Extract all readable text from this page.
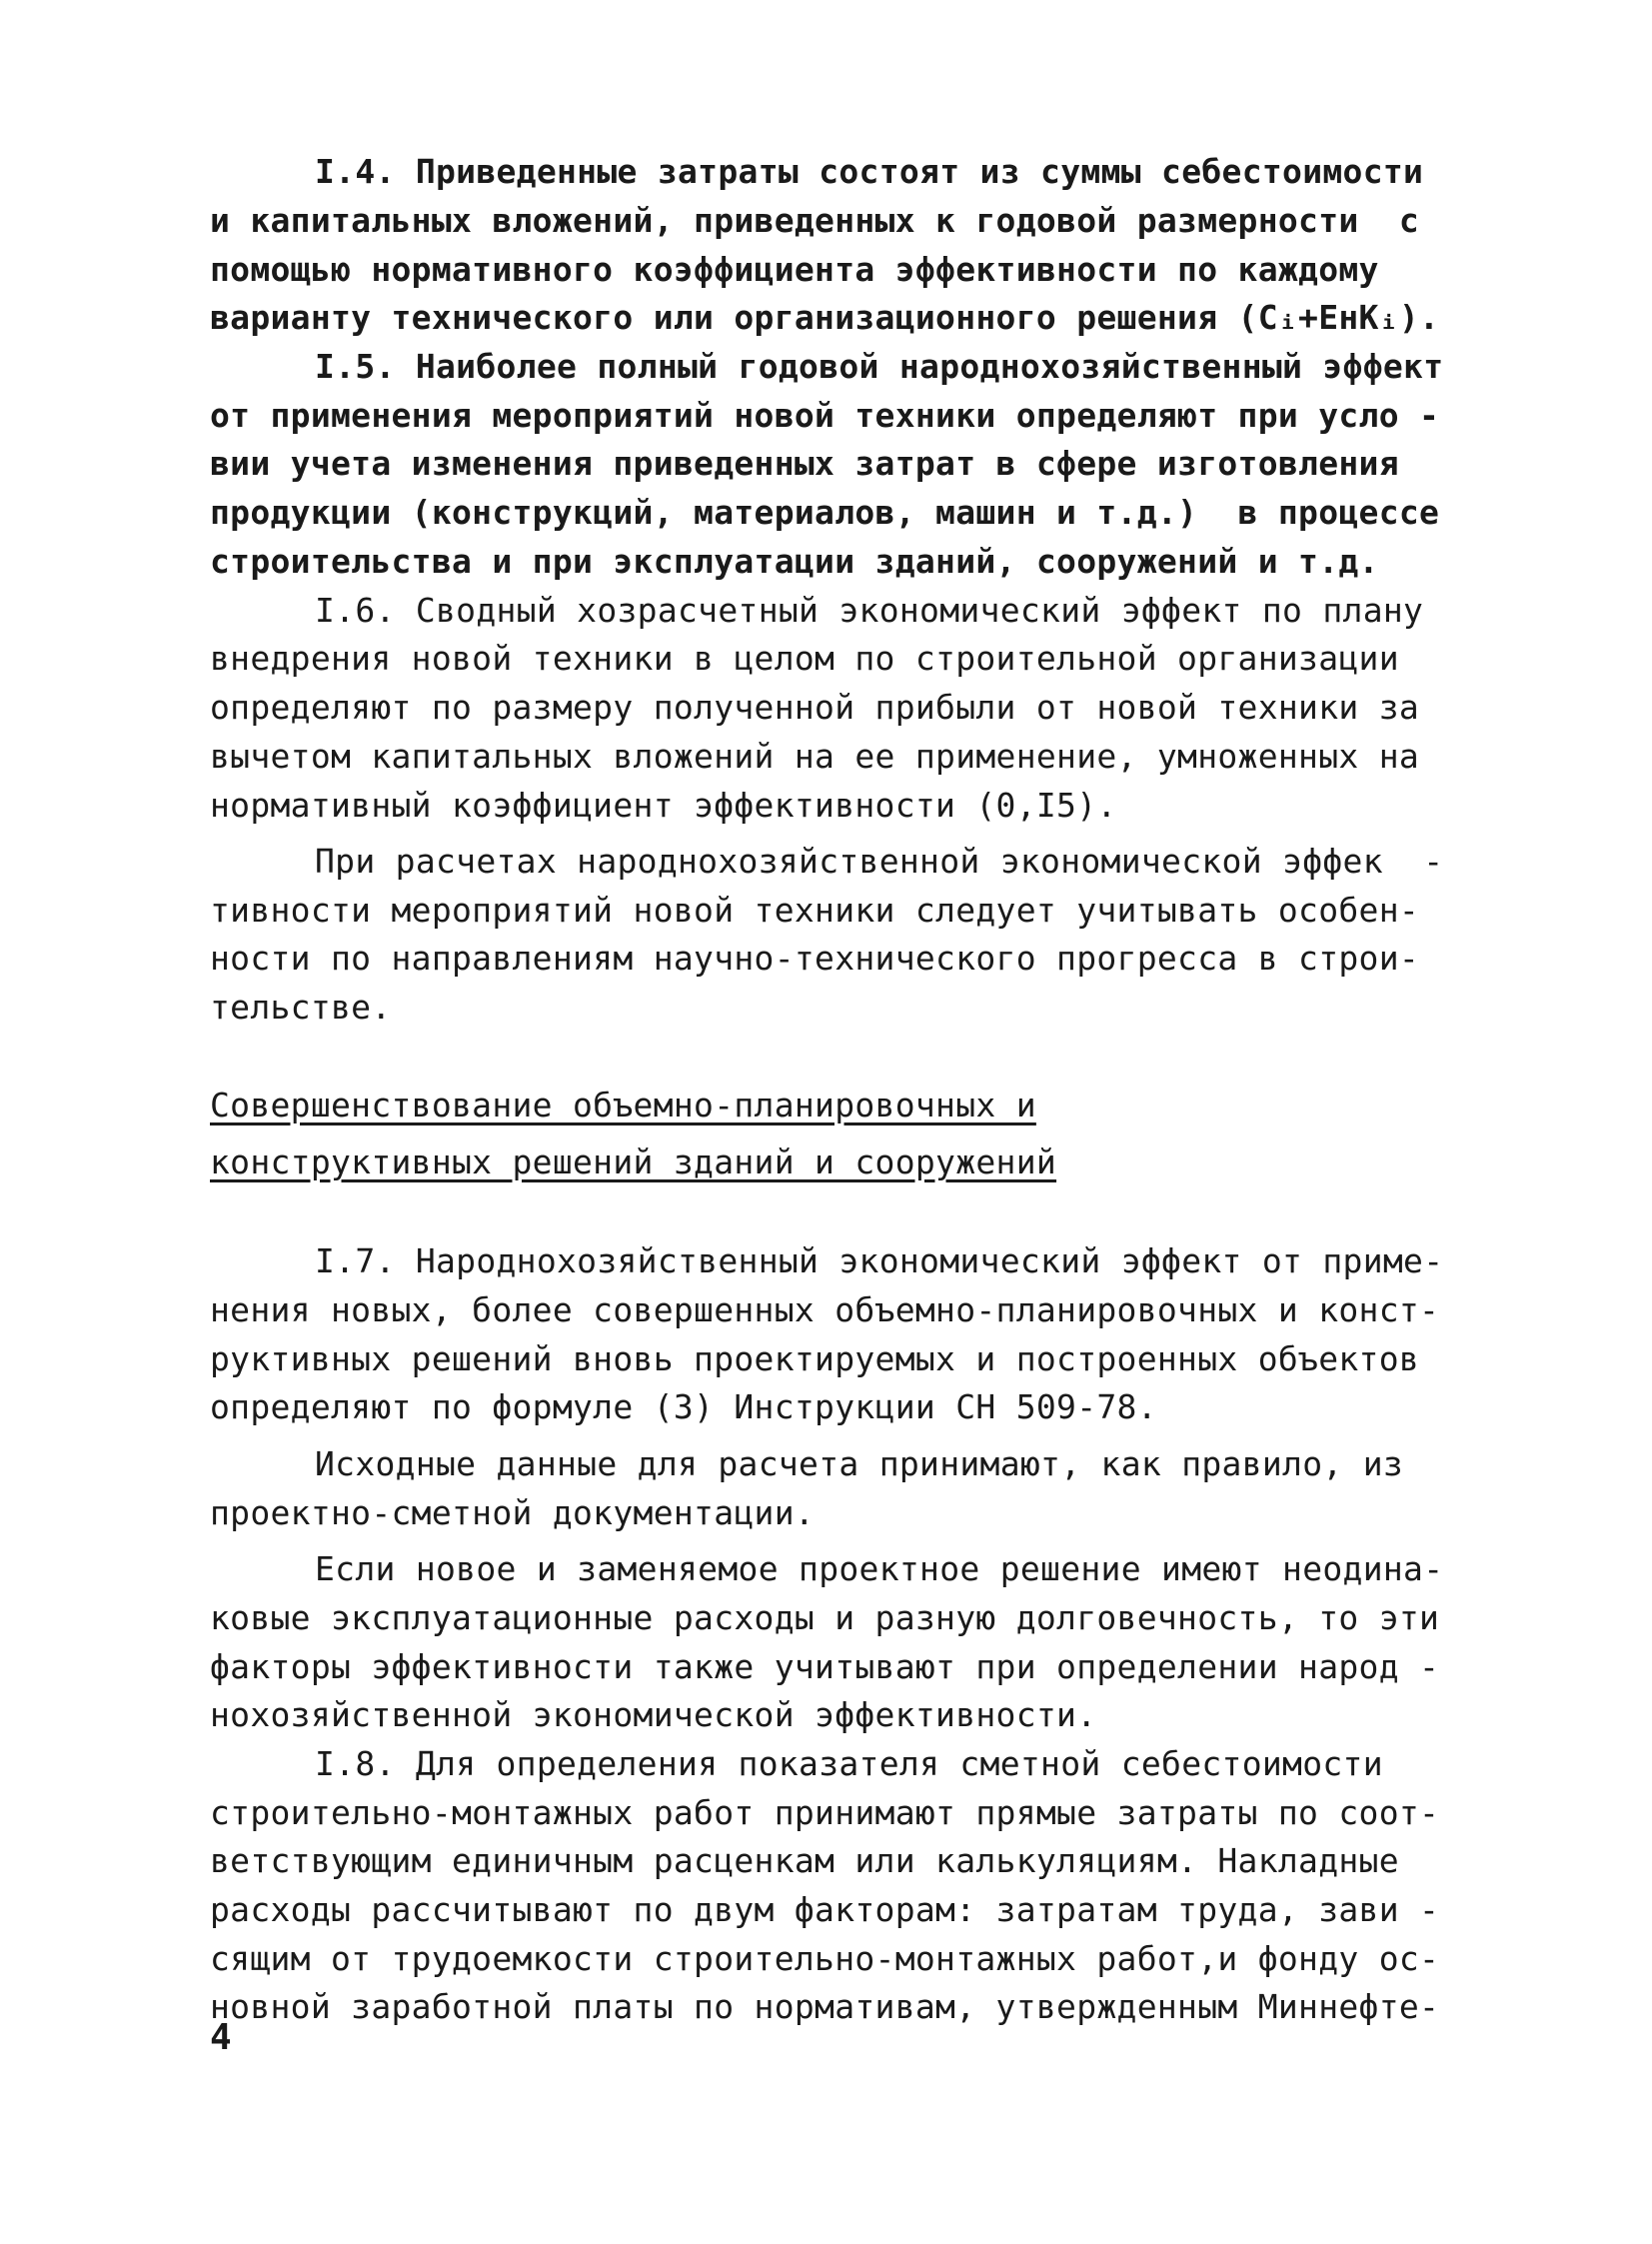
I.4. Приведенные затраты состоят из суммы себестоимости
и капитальных вложений, приведенных к годовой размерности  с
помощью нормативного коэффициента эффективности по каждому
варианту технического или организационного решения (Cᵢ+EнKᵢ).
I.5. Наиболее полный годовой народнохозяйственный эффект
от применения мероприятий новой техники определяют при усло -
вии учета изменения приведенных затрат в сфере изготовления
продукции (конструкций, материалов, машин и т.д.)  в процессе
строительства и при эксплуатации зданий, сооружений и т.д.
I.6. Сводный хозрасчетный экономический эффект по плану
внедрения новой техники в целом по строительной организации
определяют по размеру полученной прибыли от новой техники за
вычетом капитальных вложений на ее применение, умноженных на
нормативный коэффициент эффективности (0,I5).
При расчетах народнохозяйственной экономической эффек  -
тивности мероприятий новой техники следует учитывать особен-
ности по направлениям научно-технического прогресса в строи-
тельстве.
Совершенствование объемно-планировочных и
конструктивных решений зданий и сооружений
I.7. Народнохозяйственный экономический эффект от приме-
нения новых, более совершенных объемно-планировочных и конст-
руктивных решений вновь проектируемых и построенных объектов
определяют по формуле (3) Инструкции СН 509-78.
Исходные данные для расчета принимают, как правило, из
проектно-сметной документации.
Если новое и заменяемое проектное решение имеют неодина-
ковые эксплуатационные расходы и разную долговечность, то эти
факторы эффективности также учитывают при определении народ -
нохозяйственной экономической эффективности.
I.8. Для определения показателя сметной себестоимости
строительно-монтажных работ принимают прямые затраты по соот-
ветствующим единичным расценкам или калькуляциям. Накладные
расходы рассчитывают по двум факторам: затратам труда, зави -
сящим от трудоемкости строительно-монтажных работ,и фонду ос-
новной заработной платы по нормативам, утвержденным Миннефте-
4
